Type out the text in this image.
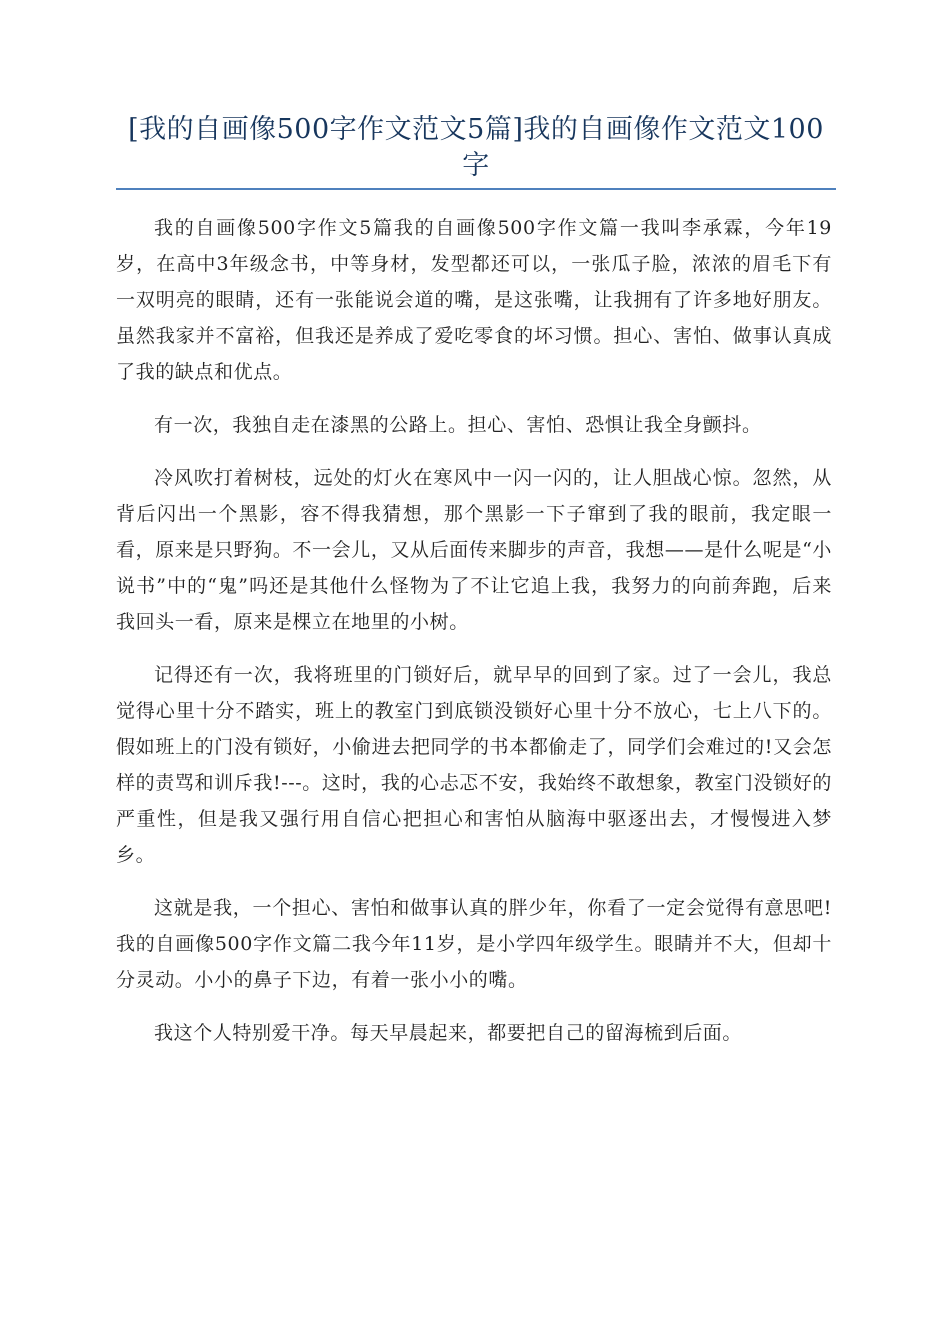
[我的自画像500字作文范文5篇]我的自画像作文范文100字

我的自画像500字作文5篇我的自画像500字作文篇一我叫李承霖，今年19岁，在高中3年级念书，中等身材，发型都还可以，一张瓜子脸，浓浓的眉毛下有一双明亮的眼睛，还有一张能说会道的嘴，是这张嘴，让我拥有了许多地好朋友。虽然我家并不富裕，但我还是养成了爱吃零食的坏习惯。担心、害怕、做事认真成了我的缺点和优点。

有一次，我独自走在漆黑的公路上。担心、害怕、恐惧让我全身颤抖。

冷风吹打着树枝，远处的灯火在寒风中一闪一闪的，让人胆战心惊。忽然，从背后闪出一个黑影，容不得我猜想，那个黑影一下子窜到了我的眼前，我定眼一看，原来是只野狗。不一会儿，又从后面传来脚步的声音，我想——是什么呢是“小说书”中的“鬼”吗还是其他什么怪物为了不让它追上我，我努力的向前奔跑，后来我回头一看，原来是棵立在地里的小树。

记得还有一次，我将班里的门锁好后，就早早的回到了家。过了一会儿，我总觉得心里十分不踏实，班上的教室门到底锁没锁好心里十分不放心，七上八下的。假如班上的门没有锁好，小偷进去把同学的书本都偷走了，同学们会难过的!又会怎样的责骂和训斥我!---。这时，我的心忐忑不安，我始终不敢想象，教室门没锁好的严重性，但是我又强行用自信心把担心和害怕从脑海中驱逐出去，才慢慢进入梦乡。

这就是我，一个担心、害怕和做事认真的胖少年，你看了一定会觉得有意思吧!我的自画像500字作文篇二我今年11岁，是小学四年级学生。眼睛并不大，但却十分灵动。小小的鼻子下边，有着一张小小的嘴。

我这个人特别爱干净。每天早晨起来，都要把自己的留海梳到后面。
